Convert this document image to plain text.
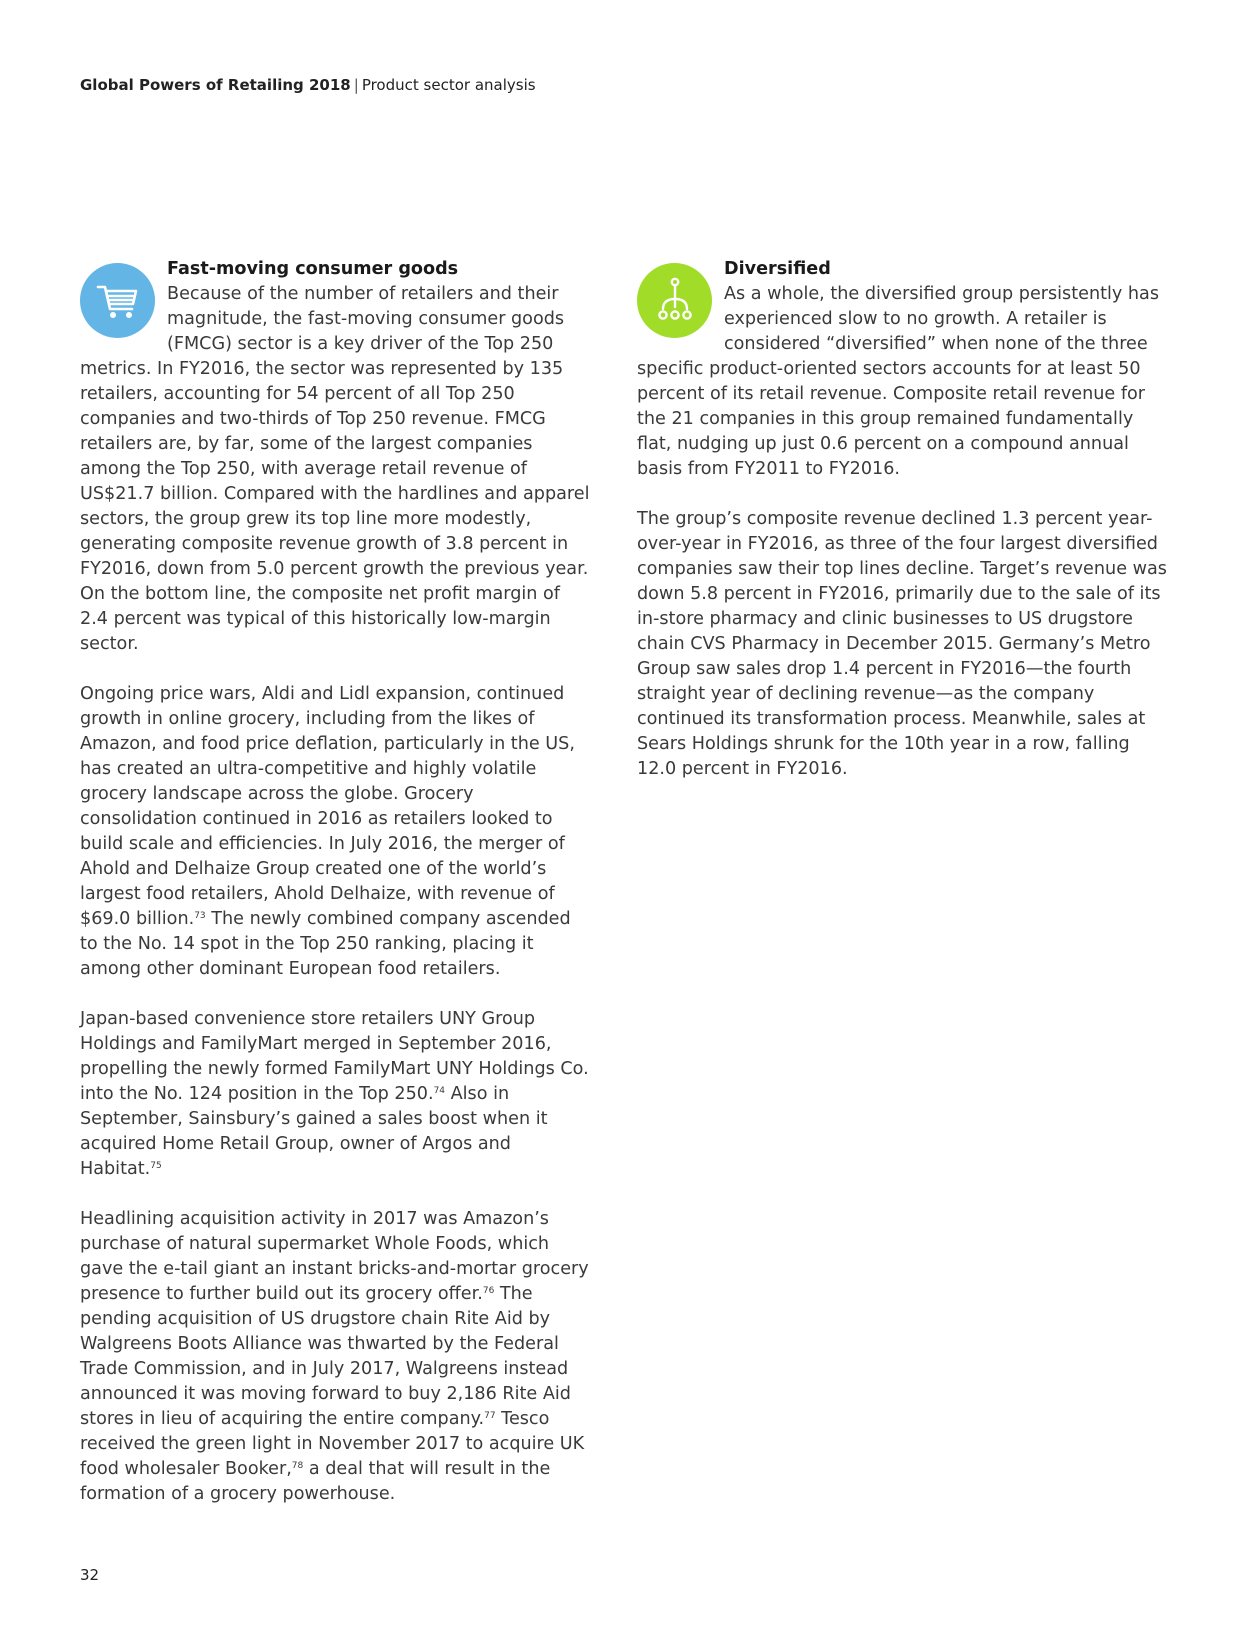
Global Powers of Retailing 2018 | Product sector analysis
Fast-moving consumer goods

Because of the number of retailers and their magnitude, the fast-moving consumer goods (FMCG) sector is a key driver of the Top 250 metrics. In FY2016, the sector was represented by 135 retailers, accounting for 54 percent of all Top 250 companies and two-thirds of Top 250 revenue. FMCG retailers are, by far, some of the largest companies among the Top 250, with average retail revenue of US$21.7 billion. Compared with the hardlines and apparel sectors, the group grew its top line more modestly, generating composite revenue growth of 3.8 percent in FY2016, down from 5.0 percent growth the previous year. On the bottom line, the composite net profit margin of 2.4 percent was typical of this historically low-margin sector.

Ongoing price wars, Aldi and Lidl expansion, continued growth in online grocery, including from the likes of Amazon, and food price deflation, particularly in the US, has created an ultra-competitive and highly volatile grocery landscape across the globe. Grocery consolidation continued in 2016 as retailers looked to build scale and efficiencies. In July 2016, the merger of Ahold and Delhaize Group created one of the world’s largest food retailers, Ahold Delhaize, with revenue of $69.0 billion.$^{73}$ The newly combined company ascended to the No. 14 spot in the Top 250 ranking, placing it among other dominant European food retailers.

Japan-based convenience store retailers UNY Group Holdings and FamilyMart merged in September 2016, propelling the newly formed FamilyMart UNY Holdings Co. into the No. 124 position in the Top 250.74 Also in September, Sainsbury’s gained a sales boost when it acquired Home Retail Group, owner of Argos and Habitat.$^{75}$

Headlining acquisition activity in 2017 was Amazon’s purchase of natural supermarket Whole Foods, which gave the e-tail giant an instant bricks-and-mortar grocery presence to further build out its grocery offer.$^{76}$ The pending acquisition of US drugstore chain Rite Aid by Walgreens Boots Alliance was thwarted by the Federal Trade Commission, and in July 2017, Walgreens instead announced it was moving forward to buy 2,186 Rite Aid stores in lieu of acquiring the entire company.$^{77}$ Tesco received the green light in November 2017 to acquire UK food wholesaler Booker,$^{78}$ a deal that will result in the formation of a grocery powerhouse.

Diversified

As a whole, the diversified group persistently has experienced slow to no growth. A retailer is considered “diversified” when none of the three specific product-oriented sectors accounts for at least 50 percent of its retail revenue. Composite retail revenue for the 21 companies in this group remained fundamentally flat, nudging up just 0.6 percent on a compound annual basis from FY2011 to FY2016.

The group’s composite revenue declined 1.3 percent year-over-year in FY2016, as three of the four largest diversified companies saw their top lines decline. Target’s revenue was down 5.8 percent in FY2016, primarily due to the sale of its in-store pharmacy and clinic businesses to US drugstore chain CVS Pharmacy in December 2015. Germany’s Metro Group saw sales drop 1.4 percent in FY2016—the fourth straight year of declining revenue—as the company continued its transformation process. Meanwhile, sales at Sears Holdings shrunk for the 10th year in a row, falling 12.0 percent in FY2016.

32
